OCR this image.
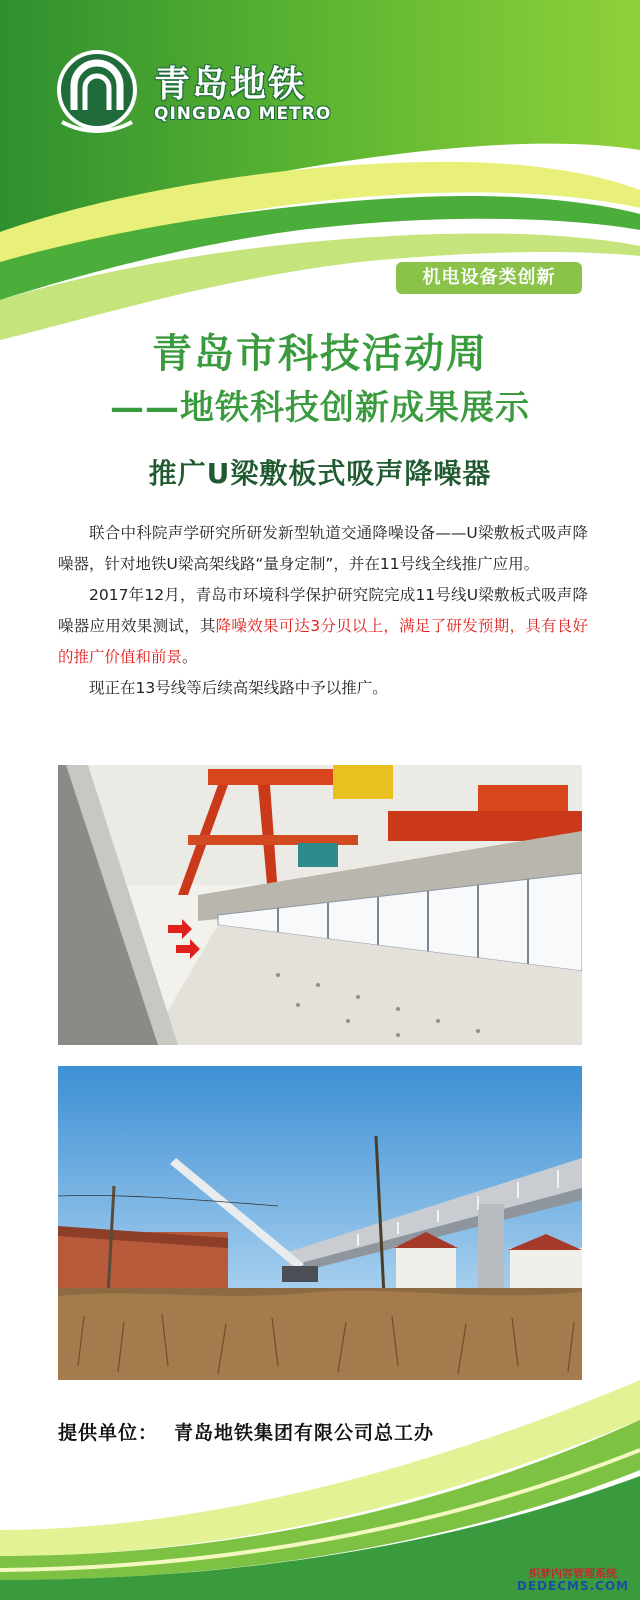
青岛地铁
QINGDAO METRO
机电设备类创新
青岛市科技活动周
——地铁科技创新成果展示
推广U梁敷板式吸声降噪器

联合中科院声学研究所研发新型轨道交通降噪设备——U梁敷板式吸声降噪器，针对地铁U梁高架线路“量身定制”，并在11号线全线推广应用。

2017年12月，青岛市环境科学保护研究院完成11号线U梁敷板式吸声降噪器应用效果测试，其降噪效果可达3分贝以上，满足了研发预期，具有良好的推广价值和前景。

现正在13号线等后续高架线路中予以推广。

提供单位： 青岛地铁集团有限公司总工办
织梦内容管理系统
DEDECMS.COM
